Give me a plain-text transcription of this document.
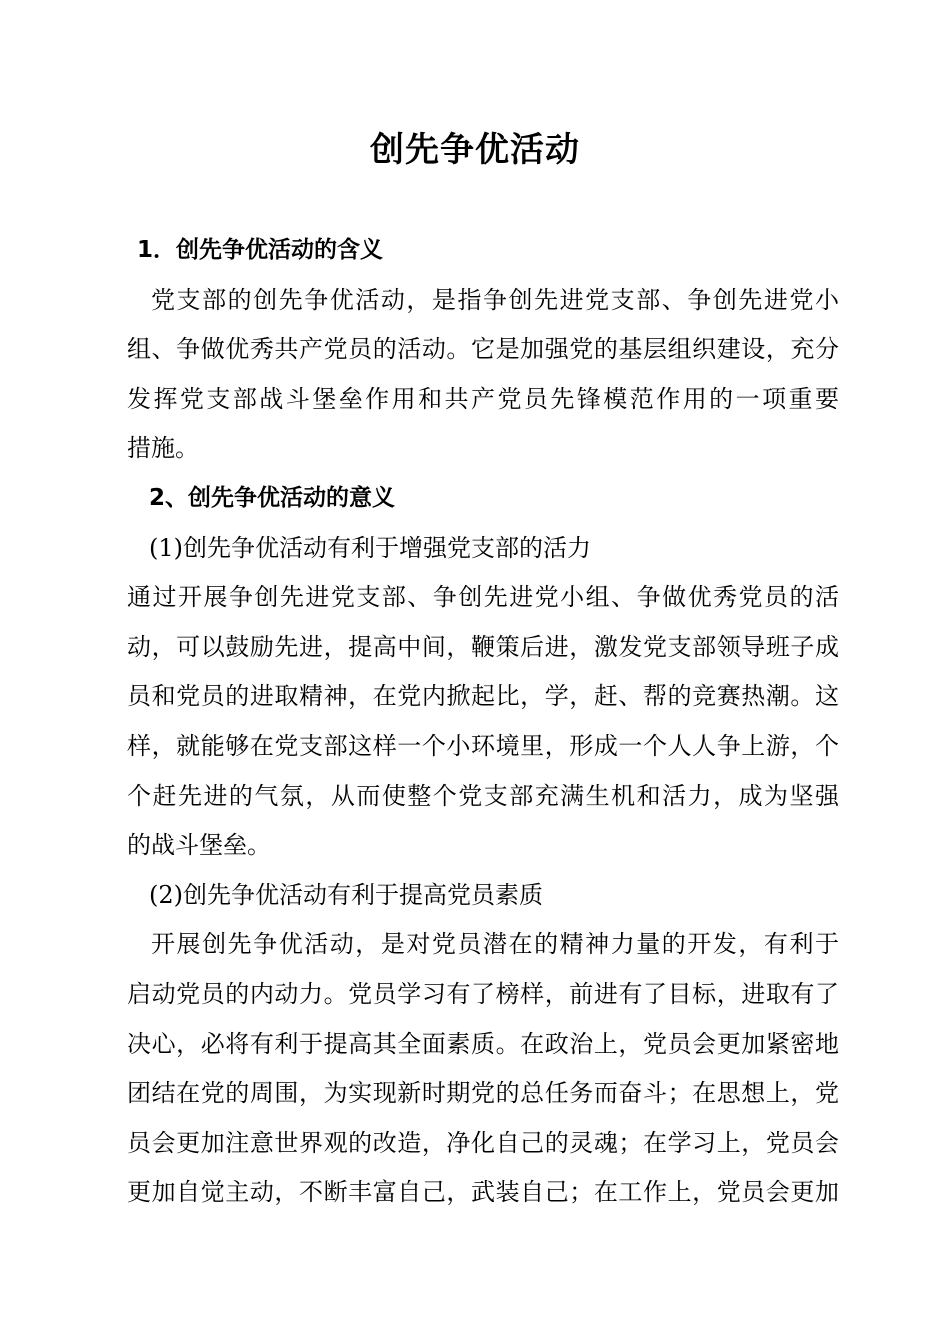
创先争优活动
1．创先争优活动的含义
党支部的创先争优活动，是指争创先进党支部、争创先进党小
组、争做优秀共产党员的活动。它是加强党的基层组织建设，充分
发挥党支部战斗堡垒作用和共产党员先锋模范作用的一项重要
措施。
2、创先争优活动的意义
(1)创先争优活动有利于增强党支部的活力
通过开展争创先进党支部、争创先进党小组、争做优秀党员的活
动，可以鼓励先进，提高中间，鞭策后进，激发党支部领导班子成
员和党员的进取精神，在党内掀起比，学，赶、帮的竞赛热潮。这
样，就能够在党支部这样一个小环境里，形成一个人人争上游，个
个赶先进的气氛，从而使整个党支部充满生机和活力，成为坚强
的战斗堡垒。
(2)创先争优活动有利于提高党员素质
开展创先争优活动，是对党员潜在的精神力量的开发，有利于
启动党员的内动力。党员学习有了榜样，前进有了目标，进取有了
决心，必将有利于提高其全面素质。在政治上，党员会更加紧密地
团结在党的周围，为实现新时期党的总任务而奋斗；在思想上，党
员会更加注意世界观的改造，净化自己的灵魂；在学习上，党员会
更加自觉主动，不断丰富自己，武装自己；在工作上，党员会更加
